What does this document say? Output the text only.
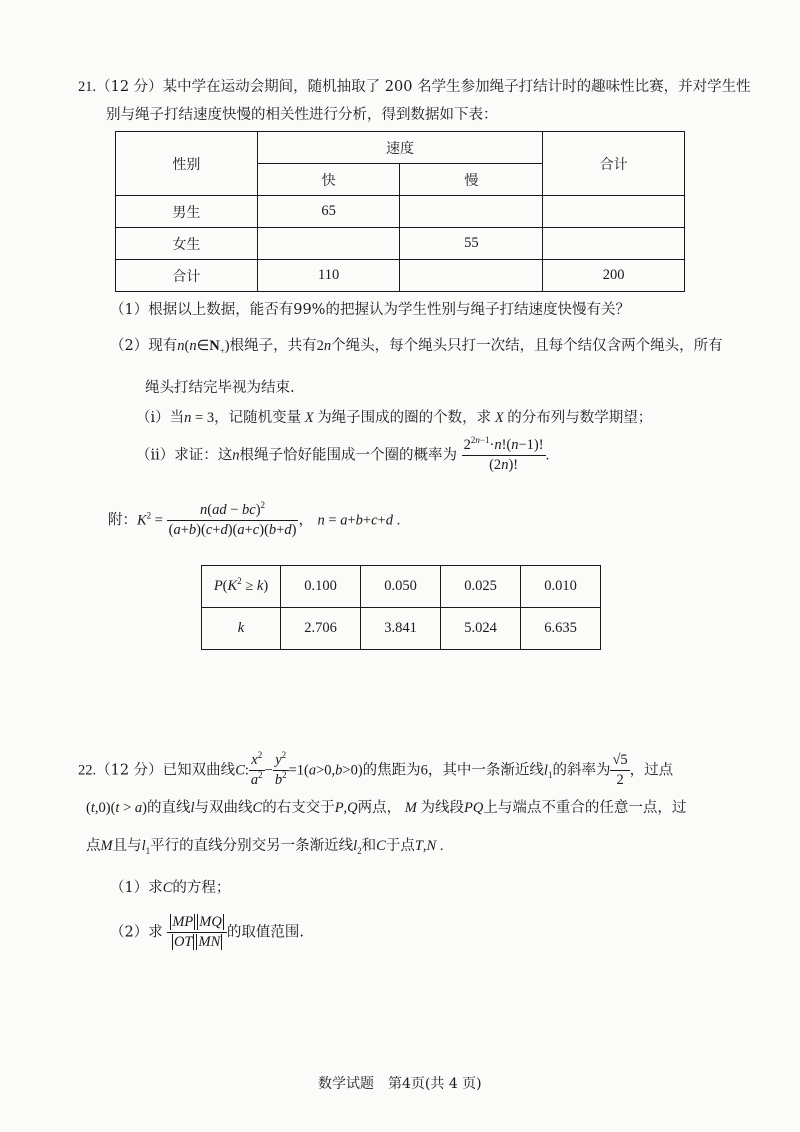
21.（12 分）某中学在运动会期间，随机抽取了 200 名学生参加绳子打结计时的趣味性比赛，并对学生性
别与绳子打结速度快慢的相关性进行分析，得到数据如下表：
性别	速度		合计
	快	慢	
男生	65		
女生		55	
合计	110		200
（1）根据以上数据，能否有99%的把握认为学生性别与绳子打结速度快慢有关？
（2）现有$n(n\in N_+)$根绳子，共有2n个绳头，每个绳头只打一次结，且每个结仅含两个绳头，所有
绳头打结完毕视为结束.
（i）当n = 3，记随机变量 X 为绳子围成的圈的个数，求 X 的分布列与数学期望；
（ii）求证：这n根绳子恰好能围成一个圈的概率为 $\frac{2^{2n-1}\cdot n!(n-1)!}{(2n)!}$ .
附：$K^2 = \frac{n(ad - bc)^2}{(a+b)(c+d)(a+c)(b+d)}$ ， n = a+b+c+d .
$P(K^2 \ge k)$	0.100	0.050	0.025	0.010
k	2.706	3.841	5.024	6.635
22.（12 分）已知双曲线C: $\frac{x^2}{a^2} - \frac{y^2}{b^2} =1(a>0,b>0)$的焦距为6，其中一条渐近线$l_1$的斜率为 $\frac{√5}{2}$ ，过点
(t,0)(t > a)的直线l与双曲线C的右支交于P,Q两点， M 为线段PQ上与端点不重合的任意一点，过
点M且与$l_1$平行的直线分别交另一条渐近线$l_2$和C于点T,N .
（1）求C的方程；
（2）求 $\frac{\text{MP MQ}}{\text{OT MN}}$ 的取值范围.
数学试题　第4页(共 4 页)
